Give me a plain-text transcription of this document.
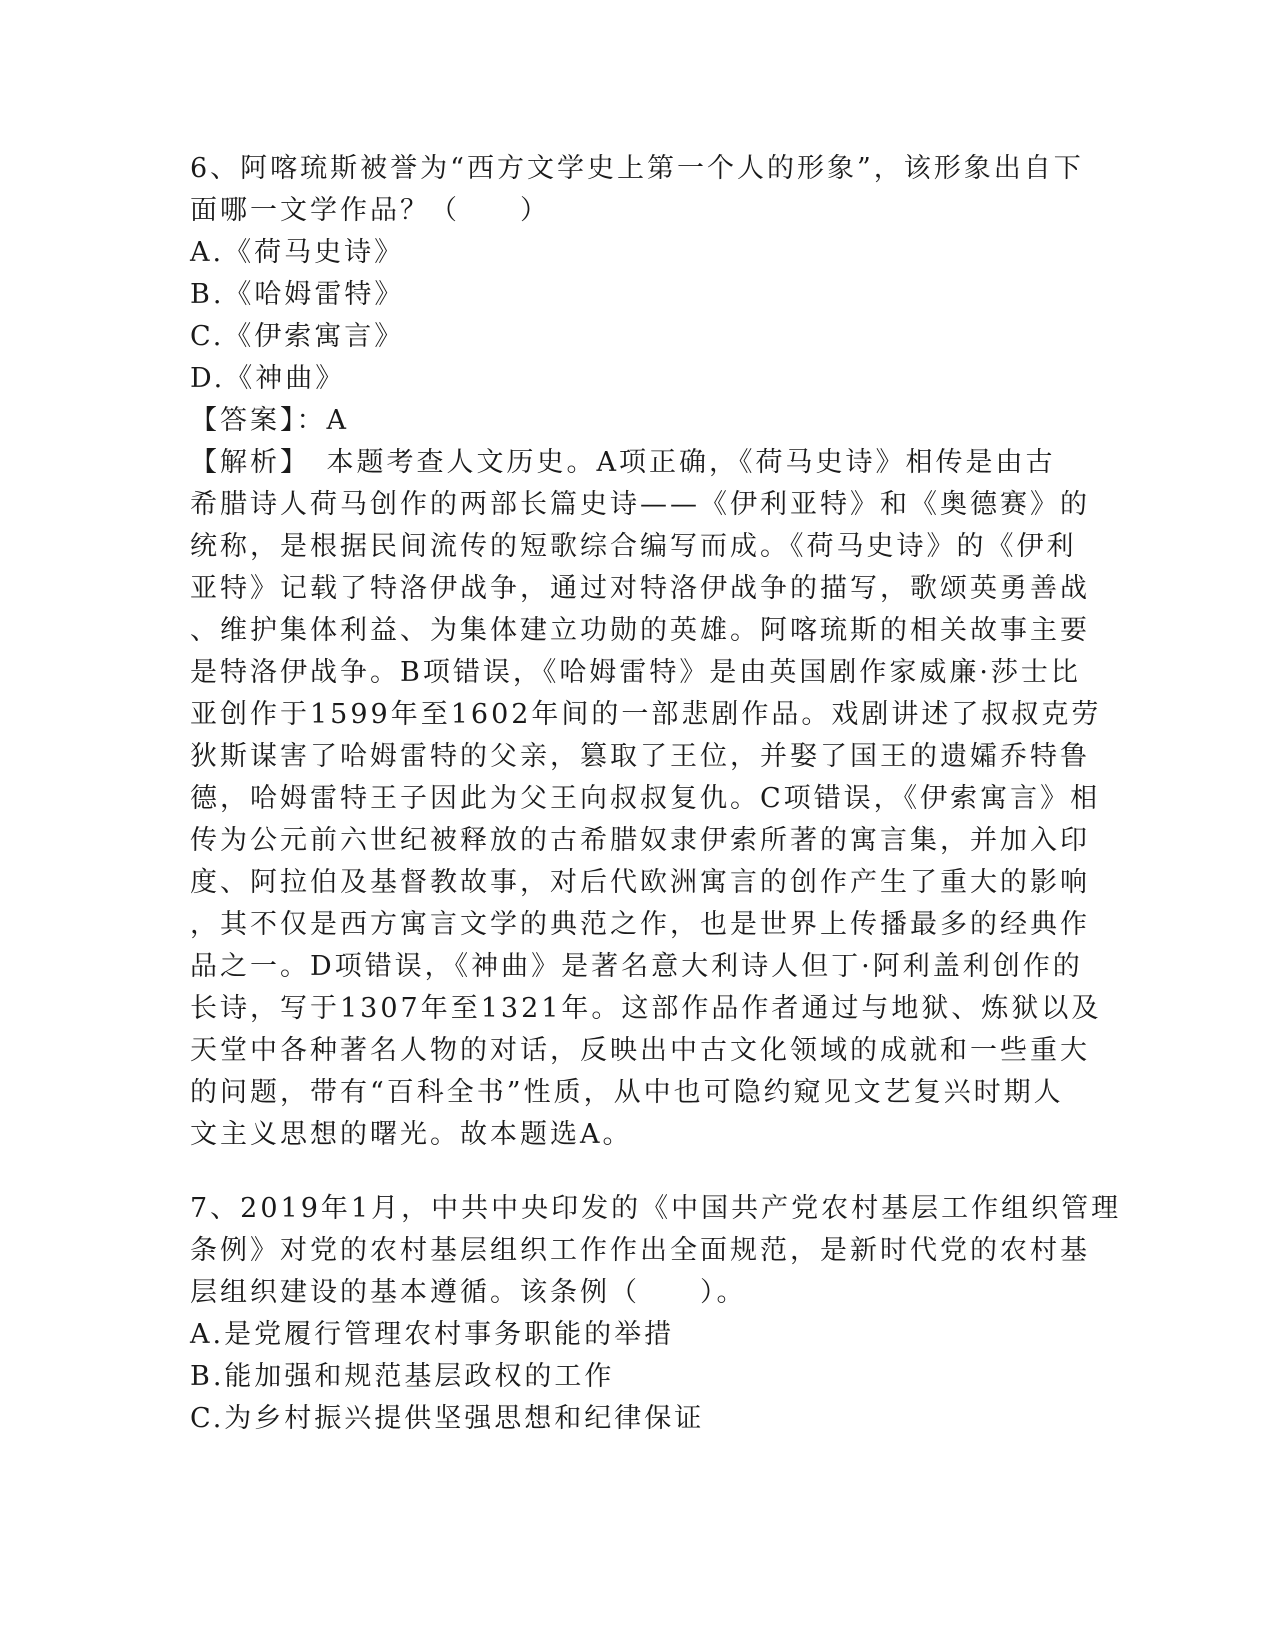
6、阿喀琉斯被誉为“西方文学史上第一个人的形象”，该形象出自下
面哪一文学作品？（　　）
A.《荷马史诗》
B.《哈姆雷特》
C.《伊索寓言》
D.《神曲》
【答案】：A
【解析】　本题考查人文历史。A项正确，《荷马史诗》相传是由古
希腊诗人荷马创作的两部长篇史诗——《伊利亚特》和《奥德赛》的
统称，是根据民间流传的短歌综合编写而成。《荷马史诗》的《伊利
亚特》记载了特洛伊战争，通过对特洛伊战争的描写，歌颂英勇善战
、维护集体利益、为集体建立功勋的英雄。阿喀琉斯的相关故事主要
是特洛伊战争。B项错误，《哈姆雷特》是由英国剧作家威廉·莎士比
亚创作于1599年至1602年间的一部悲剧作品。戏剧讲述了叔叔克劳
狄斯谋害了哈姆雷特的父亲，篡取了王位，并娶了国王的遗孀乔特鲁
德，哈姆雷特王子因此为父王向叔叔复仇。C项错误，《伊索寓言》相
传为公元前六世纪被释放的古希腊奴隶伊索所著的寓言集，并加入印
度、阿拉伯及基督教故事，对后代欧洲寓言的创作产生了重大的影响
，其不仅是西方寓言文学的典范之作，也是世界上传播最多的经典作
品之一。D项错误，《神曲》是著名意大利诗人但丁·阿利盖利创作的
长诗，写于1307年至1321年。这部作品作者通过与地狱、炼狱以及
天堂中各种著名人物的对话，反映出中古文化领域的成就和一些重大
的问题，带有“百科全书”性质，从中也可隐约窥见文艺复兴时期人
文主义思想的曙光。故本题选A。
7、2019年1月，中共中央印发的《中国共产党农村基层工作组织管理
条例》对党的农村基层组织工作作出全面规范，是新时代党的农村基
层组织建设的基本遵循。该条例（　　）。
A.是党履行管理农村事务职能的举措
B.能加强和规范基层政权的工作
C.为乡村振兴提供坚强思想和纪律保证
